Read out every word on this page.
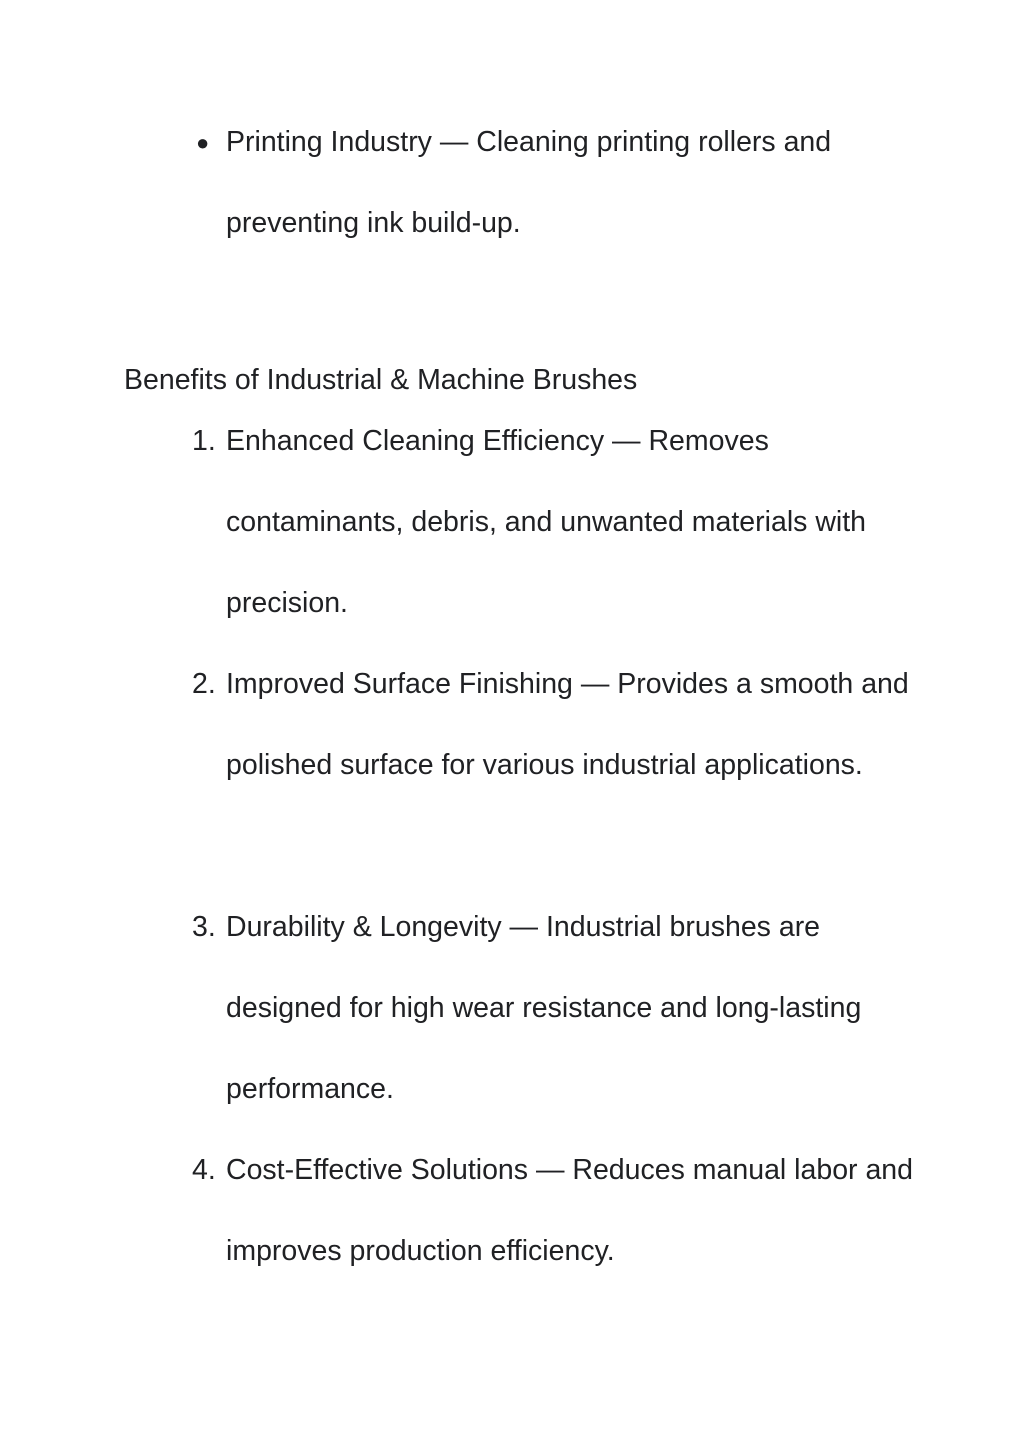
● Printing Industry — Cleaning printing rollers and preventing ink build-up.
Benefits of Industrial & Machine Brushes
1. Enhanced Cleaning Efficiency — Removes contaminants, debris, and unwanted materials with precision.
2. Improved Surface Finishing — Provides a smooth and polished surface for various industrial applications.
3. Durability & Longevity — Industrial brushes are designed for high wear resistance and long-lasting performance.
4. Cost-Effective Solutions — Reduces manual labor and improves production efficiency.
